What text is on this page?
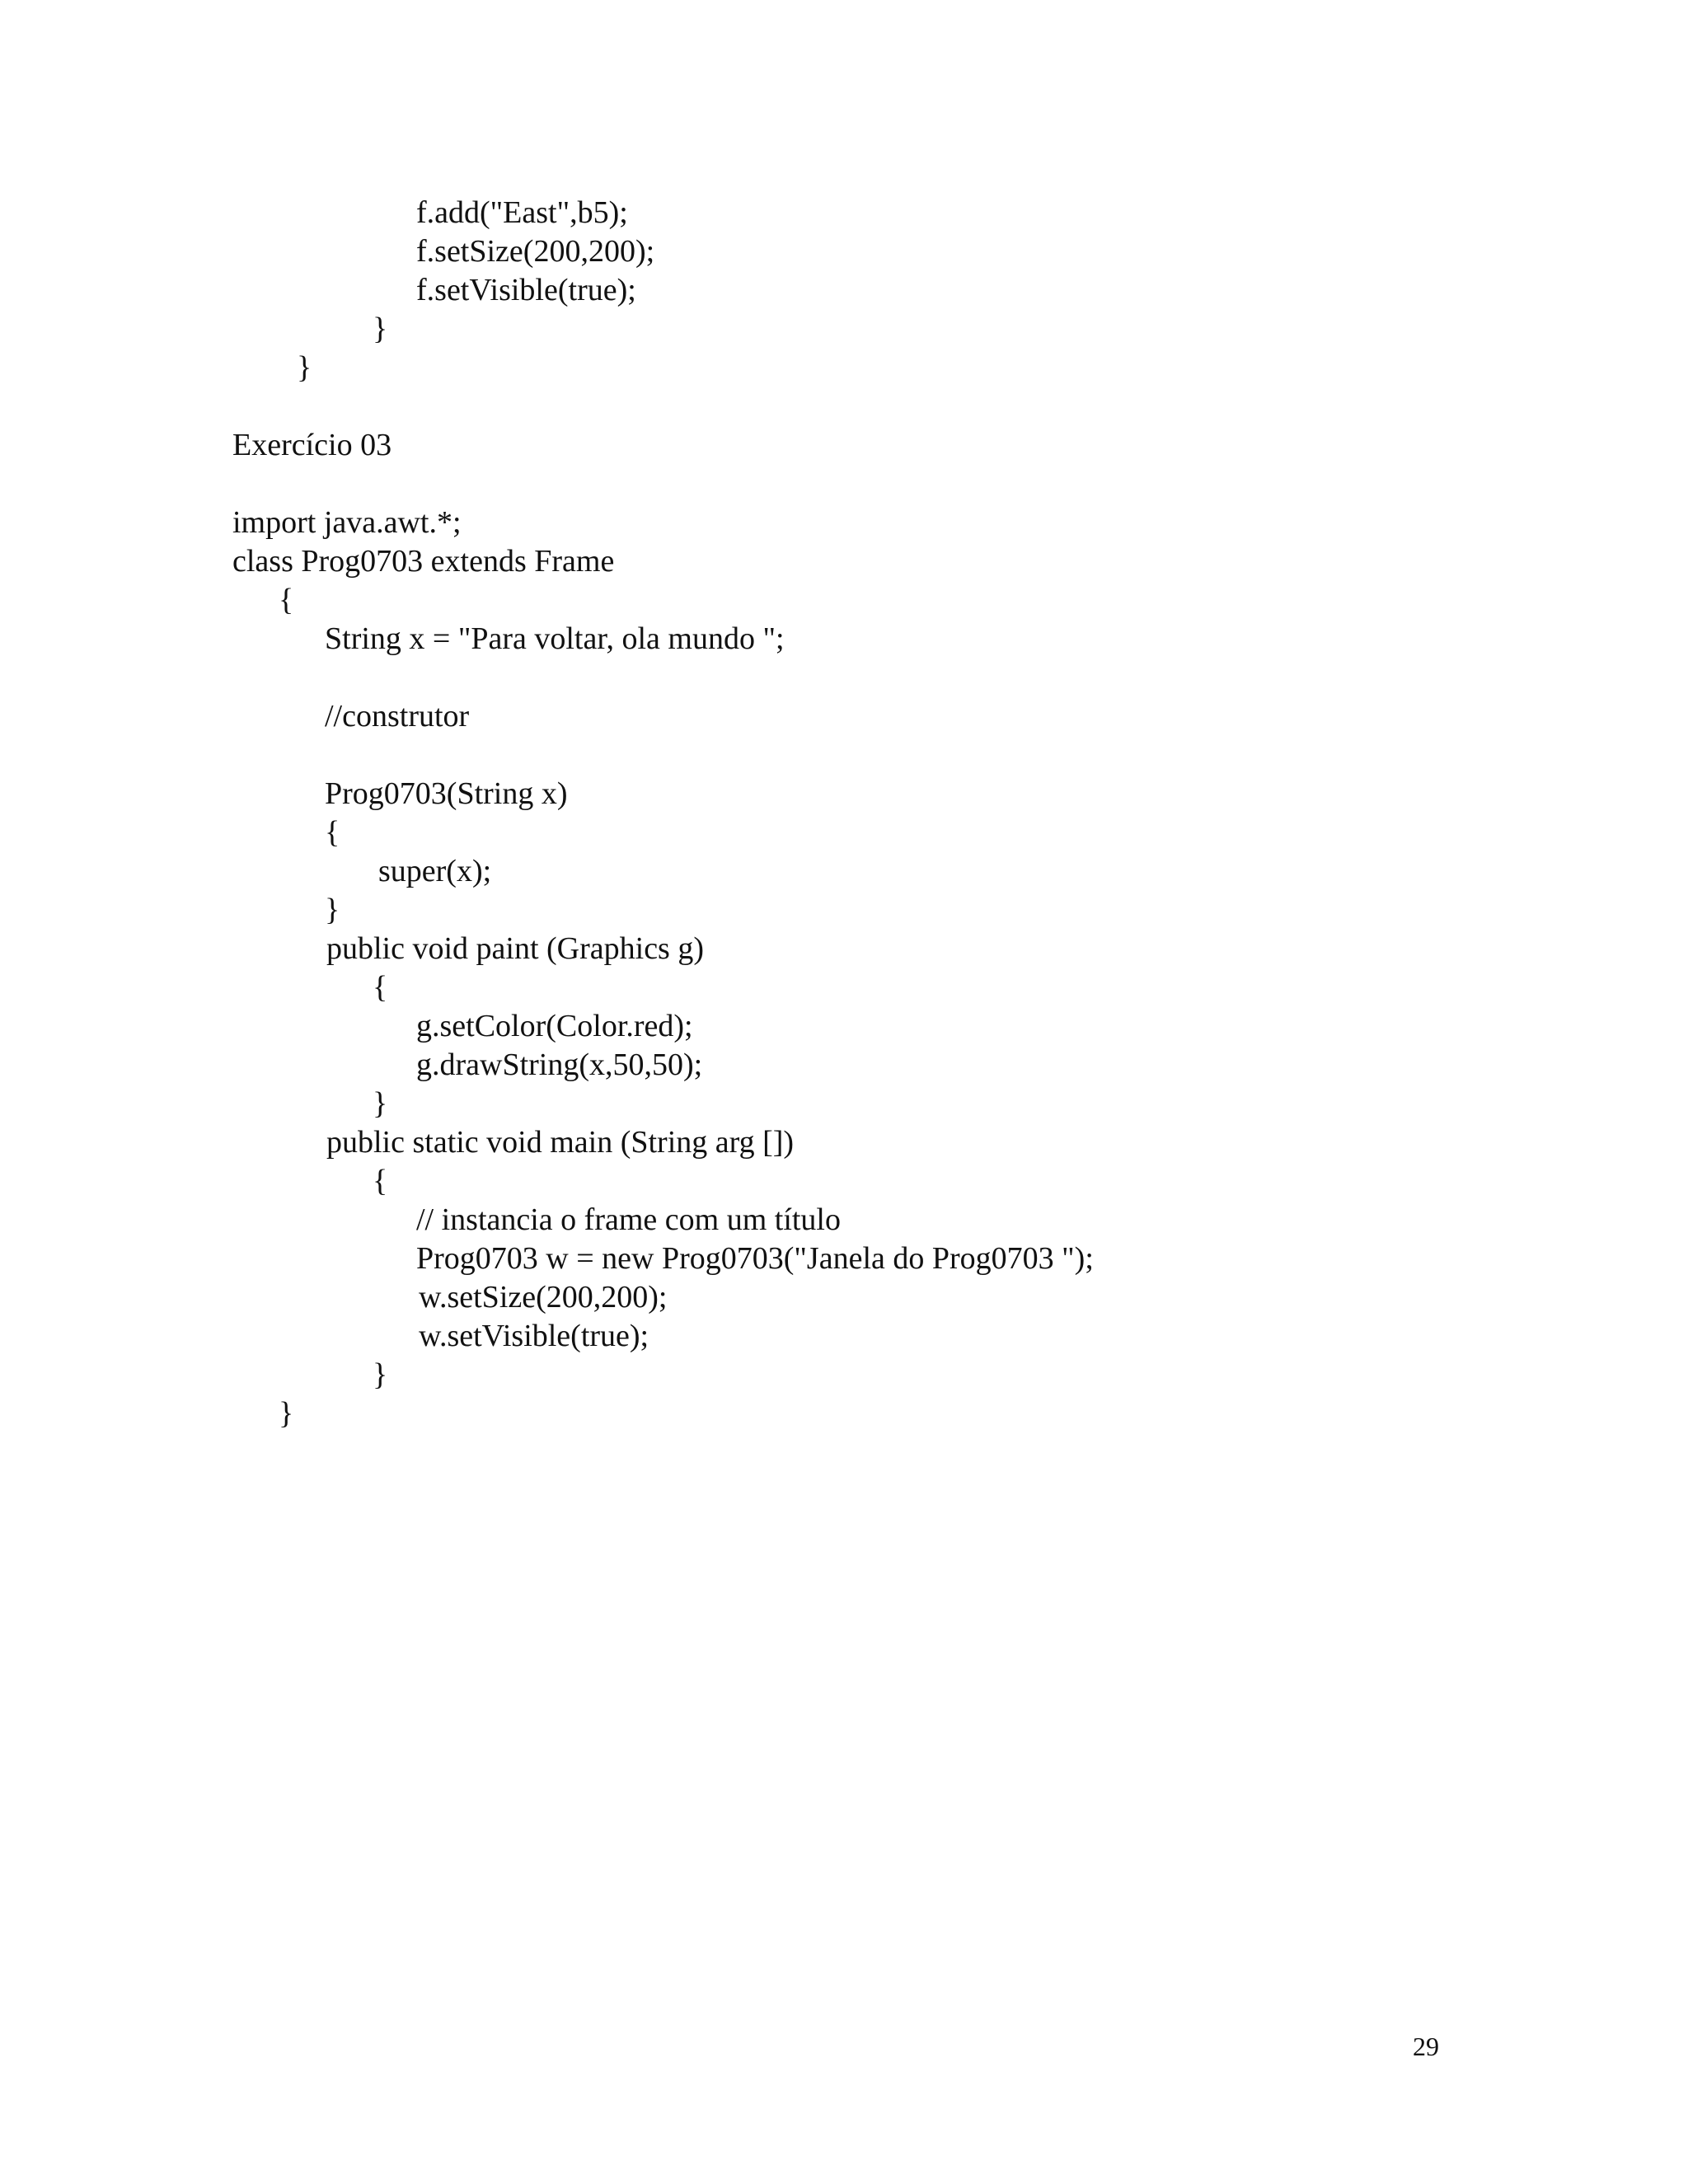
f.add("East",b5);
f.setSize(200,200);
f.setVisible(true);
}
}
Exercício 03
import java.awt.*;
class Prog0703 extends Frame
{
String x = "Para voltar, ola mundo ";
//construtor
Prog0703(String x)
{
super(x);
}
public void paint (Graphics g)
{
g.setColor(Color.red);
g.drawString(x,50,50);
}
public static void main (String arg [])
{
// instancia o frame com um título
Prog0703 w = new Prog0703("Janela do Prog0703 ");
w.setSize(200,200);
w.setVisible(true);
}
}
29
